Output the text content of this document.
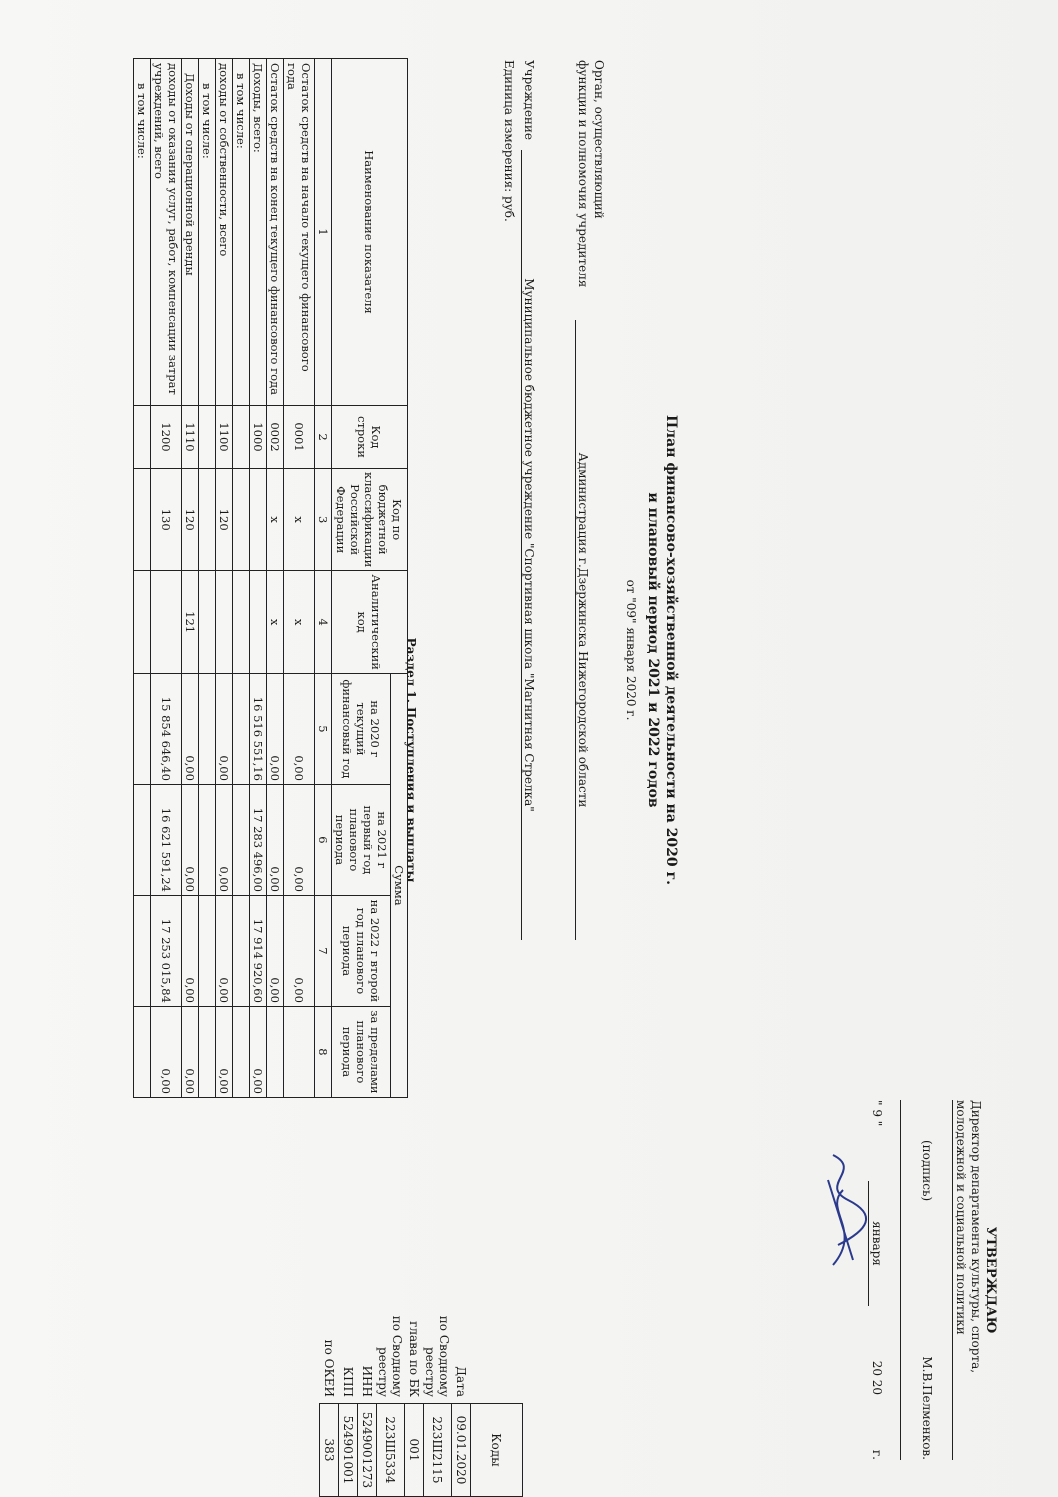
УТВЕРЖДАЮ
Директор департамента культуры, спорта,
молодежной и социальной политики
(подпись)
М.В.Пелменков.
" 9 "
января
20 20
г.
План финансово-хозяйственной деятельности на 2020 г.
и плановый период 2021 и 2022 годов
от "09" января 2020 г.
	Коды
Дата	09.01.2020
по Сводному реестру	223Ш2115
глава по БК	001
по Сводному реестру	223Ш5334
ИНН	5249001273
КПП	524901001
по ОКЕИ	383
Орган, осуществляющий
функции и полномочия учредителя
Администрация г.Дзержинска Нижегородской области
Учреждение
Муниципальное бюджетное учреждение "Спортивная школа "Магнитная Стрелка"
Единица измерения: руб.
Раздел 1. Поступления и выплаты
Наименование показателя	Код строки	Код по бюджетной классификации Российской Федерации	Аналитический код	Сумма			
				на 2020 г текущий финансовый год	на 2021 г первый год планового периода	на 2022 г второй год планового периода	за пределами планового периода
1	2	3	4	5	6	7	8
Остаток средств на начало текущего финансового года	0001	х	х	0,00	0,00	0,00	
Остаток средств на конец текущего финансового года	0002	х	х	0,00	0,00	0,00	
Доходы, всего:	1000			16 516 551,16	17 283 496,00	17 914 920,60	0,00
в том числе:							
доходы от собственности, всего	1100	120		0,00	0,00	0,00	0,00
в том числе:							
Доходы от операционной аренды	1110	120	121	0,00	0,00	0,00	0,00
доходы от оказания услуг, работ, компенсации затрат учреждений, всего	1200	130		15 854 646,40	16 621 591,24	17 253 015,84	0,00
в том числе:							
